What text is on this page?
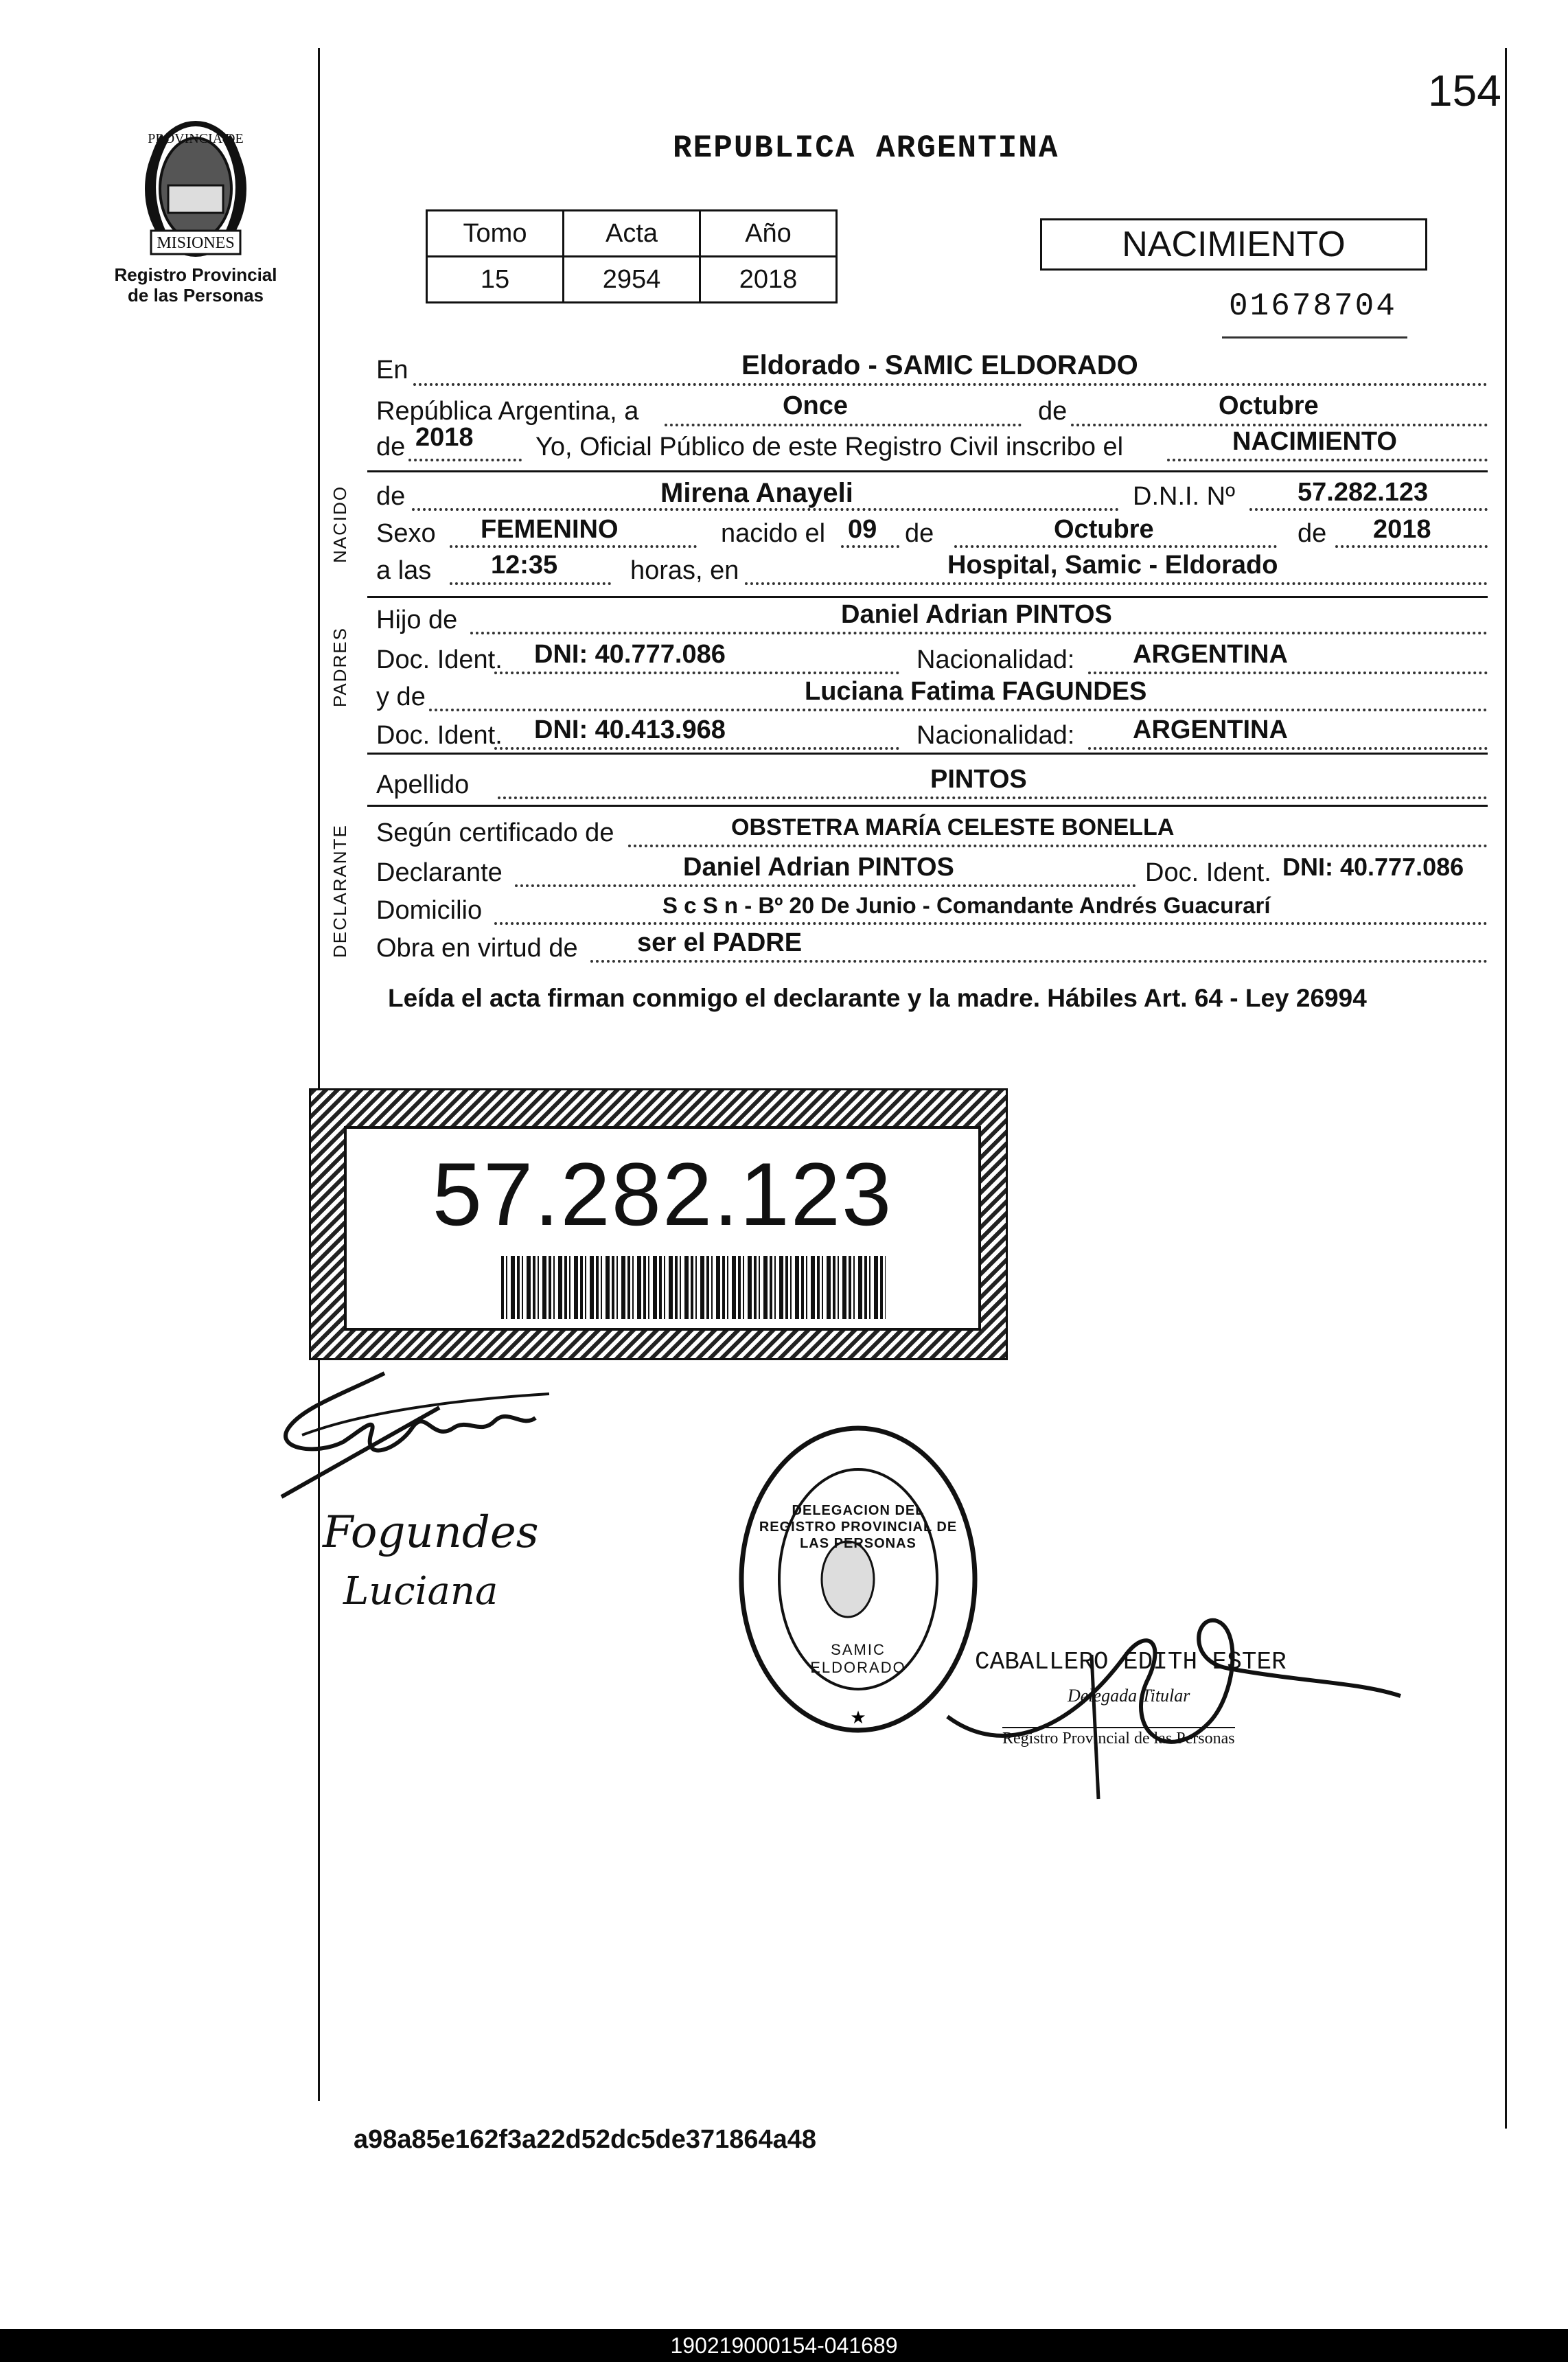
154
PROVINCIA DE
MISIONES
Registro Provincial de las Personas
REPUBLICA ARGENTINA
Tomo	Acta	Año
15	2954	2018
NACIMIENTO
01678704
En	Eldorado - SAMIC ELDORADO
República Argentina, a	Once	de	Octubre
de 2018 Yo, Oficial Público de este Registro Civil inscribo el	NACIMIENTO
NACIDO de	Mirena Anayeli	D.N.I. Nº 57.282.123
Sexo FEMENINO	nacido el 09 de	Octubre	de 2018
a las 12:35	horas, en	Hospital, Samic - Eldorado
PADRES
Hijo de	Daniel Adrian PINTOS
Doc. Ident. DNI: 40.777.086	Nacionalidad: ARGENTINA
y de	Luciana Fatima FAGUNDES
Doc. Ident. DNI: 40.413.968	Nacionalidad: ARGENTINA
Apellido	PINTOS
DECLARANTE Según certificado de	OBSTETRA MARÍA CELESTE BONELLA
Declarante	Daniel Adrian PINTOS	Doc. Ident. DNI: 40.777.086
Domicilio	S c S n - Bº 20 De Junio - Comandante Andrés Guacurarí
Obra en virtud de ser el PADRE
Leída el acta firman conmigo el declarante y la madre. Hábiles Art. 64 - Ley 26994
57.282.123
Fogundes
Luciana
★
DELEGACION DEL REGISTRO PROVINCIAL DE LAS PERSONAS
SAMIC ELDORADO	CABALLERO EDITH ESTER
Delegada Titular
Registro Provincial de las Personas
a98a85e162f3a22d52dc5de371864a48
190219000154-041689
